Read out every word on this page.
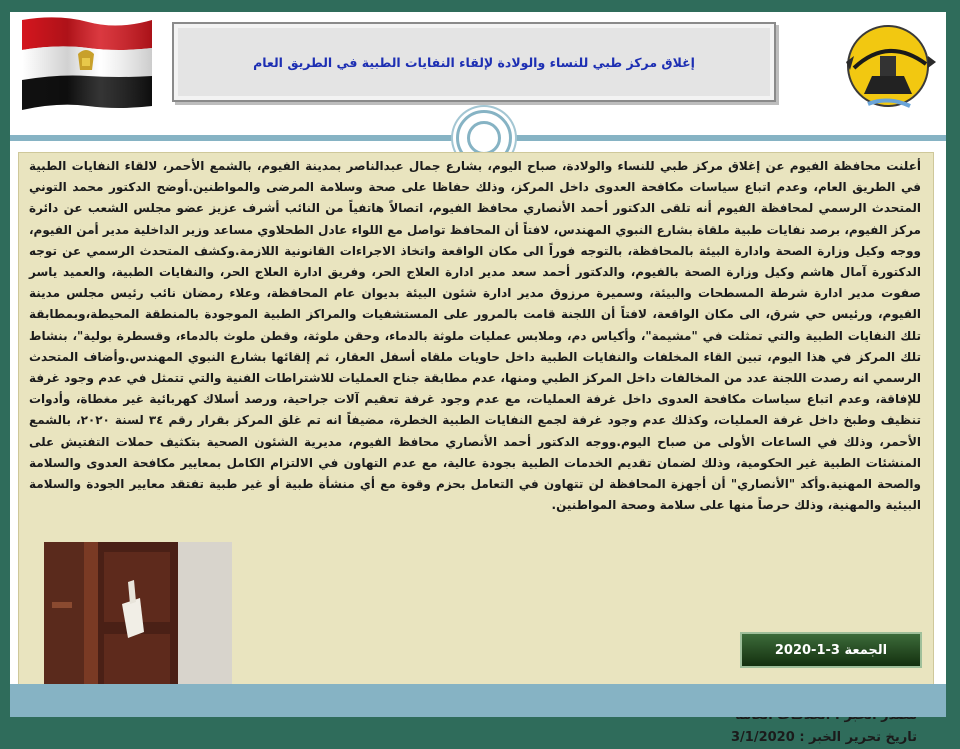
إغلاق مركز طبي للنساء والولادة لإلقاء النفايات الطبية في الطريق العام
أعلنت محافظة الفيوم عن إغلاق مركز طبي للنساء والولادة، صباح اليوم، بشارع جمال عبدالناصر بمدينة الفيوم، بالشمع الأحمر، لالقاء النفايات الطبية في الطريق العام، وعدم اتباع سياسات مكافحة العدوى داخل المركز، وذلك حفاظا على صحة وسلامة المرضى والمواطنين.أوضح الدكتور محمد التوني المتحدث الرسمي لمحافظة الفيوم أنه تلقى الدكتور أحمد الأنصاري محافظ الفيوم، اتصالاً هاتفياً من النائب أشرف عزيز عضو مجلس الشعب عن دائرة مركز الفيوم، برصد نفايات طبية ملقاة بشارع النبوي المهندس، لافتاً أن المحافظ تواصل مع اللواء عادل الطحلاوي مساعد وزير الداخلية مدير أمن الفيوم، ووجه وكيل وزارة الصحة وادارة البيئة بالمحافظة، بالتوجه فوراً الى مكان الواقعة واتخاذ الاجراءات القانونية اللازمة.وكشف المتحدث الرسمي عن توجه الدكتورة آمال هاشم وكيل وزارة الصحة بالفيوم، والدكتور أحمد سعد مدير ادارة العلاج الحر، وفريق ادارة العلاج الحر، والنفايات الطبية، والعميد ياسر صفوت مدير ادارة شرطة المسطحات والبيئة، وسميرة مرزوق مدير ادارة شئون البيئة بديوان عام المحافظة، وعلاء رمضان نائب رئيس مجلس مدينة الفيوم، ورئيس حي شرق، الى مكان الواقعة، لافتاً أن اللجنة قامت بالمرور على المستشفيات والمراكز الطبية الموجودة بالمنطقة المحيطة،وبمطابقة تلك النفايات الطبية والتي تمثلت في "مشيمة"، وأكياس دم، وملابس عمليات ملوثة بالدماء، وحقن ملوثة، وقطن ملوث بالدماء، وقسطرة بولية"، بنشاط تلك المركز في هذا اليوم، تبين القاء المخلفات والنفايات الطبية داخل حاويات ملقاه أسفل العقار، ثم إلقائها بشارع النبوي المهندس.وأضاف المتحدث الرسمي انه رصدت اللجنة عدد من المخالفات داخل المركز الطبي ومنها، عدم مطابقة جناح العمليات للاشتراطات الفنية والتي تتمثل في عدم وجود غرفة للإفاقة، وعدم اتباع سياسات مكافحة العدوى داخل غرفة العمليات، مع عدم وجود غرفة تعقيم آلات جراحية، ورصد أسلاك كهربائية غير مغطاة، وأدوات تنظيف وطبخ داخل غرفة العمليات، وكذلك عدم وجود غرفة لجمع النفايات الطبية الخطرة، مضيفاً انه تم غلق المركز بقرار رقم ٣٤ لسنة ٢٠٢٠، بالشمع الأحمر، وذلك في الساعات الأولى من صباح اليوم.ووجه الدكتور أحمد الأنصاري محافظ الفيوم، مديرية الشئون الصحية بتكثيف حملات التفتيش على المنشئات الطبية غير الحكومية، وذلك لضمان تقديم الخدمات الطبية بجودة عالية، مع عدم التهاون في الالتزام الكامل بمعايير مكافحة العدوى والسلامة والصحة المهنية.وأكد "الأنصاري" أن أجهزة المحافظة لن تتهاون في التعامل بحزم وقوة مع أي منشأة طبية أو غير طبية تفتقد معايير الجودة والسلامة البيئية والمهنية، وذلك حرصاً منها على سلامة وصحة المواطنين.
تاريخ تحرير الخبر : 3/1/2020
الجمعة 3-1-2020
